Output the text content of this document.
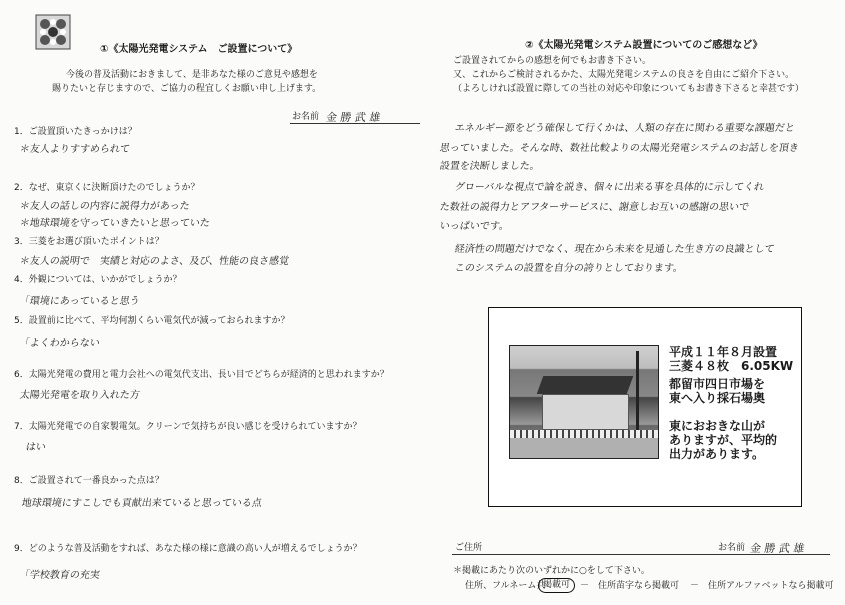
①《太陽光発電システム　ご設置について》
今後の普及活動におきまして、是非あなた様のご意見や感想を
賜りたいと存じますので、ご協力の程宜しくお願い申し上げます。
お名前 金 勝 武 雄
1．ご設置頂いたきっかけは？
＊友人よりすすめられて
2．なぜ、東京くに決断頂けたのでしょうか？
＊友人の話しの内容に説得力があった
＊地球環境を守っていきたいと思っていた
3．三菱をお選び頂いたポイントは？
＊友人の説明で　実績と対応のよさ、及び、性能の良さ感覚
4．外観については、いかがでしょうか？
「環境にあっていると思う
5．設置前に比べて、平均何割くらい電気代が減っておられますか？
「よくわからない
6．太陽光発電の費用と電力会社への電気代支出、長い目でどちらが経済的と思われますか？
太陽光発電を取り入れた方
7．太陽光発電での自家製電気。クリーンで気持ちが良い感じを受けられていますか？
はい
8．ご設置されて一番良かった点は？
地球環境にすこしでも貢献出来ていると思っている点
9．どのような普及活動をすれば、あなた様の様に意識の高い人が増えるでしょうか？
「学校教育の充実
②《太陽光発電システム設置についてのご感想など》
ご設置されてからの感想を何でもお書き下さい。
又、これからご検討されるかた、太陽光発電システムの良さを自由にご紹介下さい。
（よろしければ設置に際しての当社の対応や印象についてもお書き下さると幸甚です）
エネルギー源をどう確保して行くかは、人類の存在に関わる重要な課題だと
思っていました。そんな時、数社比較よりの太陽光発電システムのお話しを頂き
設置を決断しました。
グローバルな視点で論を説き、個々に出来る事を具体的に示してくれ
た数社の説得力とアフターサービスに、謝意しお互いの感謝の思いで
いっぱいです。
経済性の問題だけでなく、現在から未来を見通した生き方の良識として
このシステムの設置を自分の誇りとしております。
平成１１年８月設置
三菱４８枚　6.05KW
都留市四日市場を
東へ入り採石場奥
東におおきな山が
ありますが、平均的
出力があります。
ご住所	お名前 金 勝 武 雄
＊掲載にあたり次のいずれかに○をして下さい。
住所、フルネーム共
掲載可	－　住所苗字なら掲載可 －　住所アルファベットなら掲載可
